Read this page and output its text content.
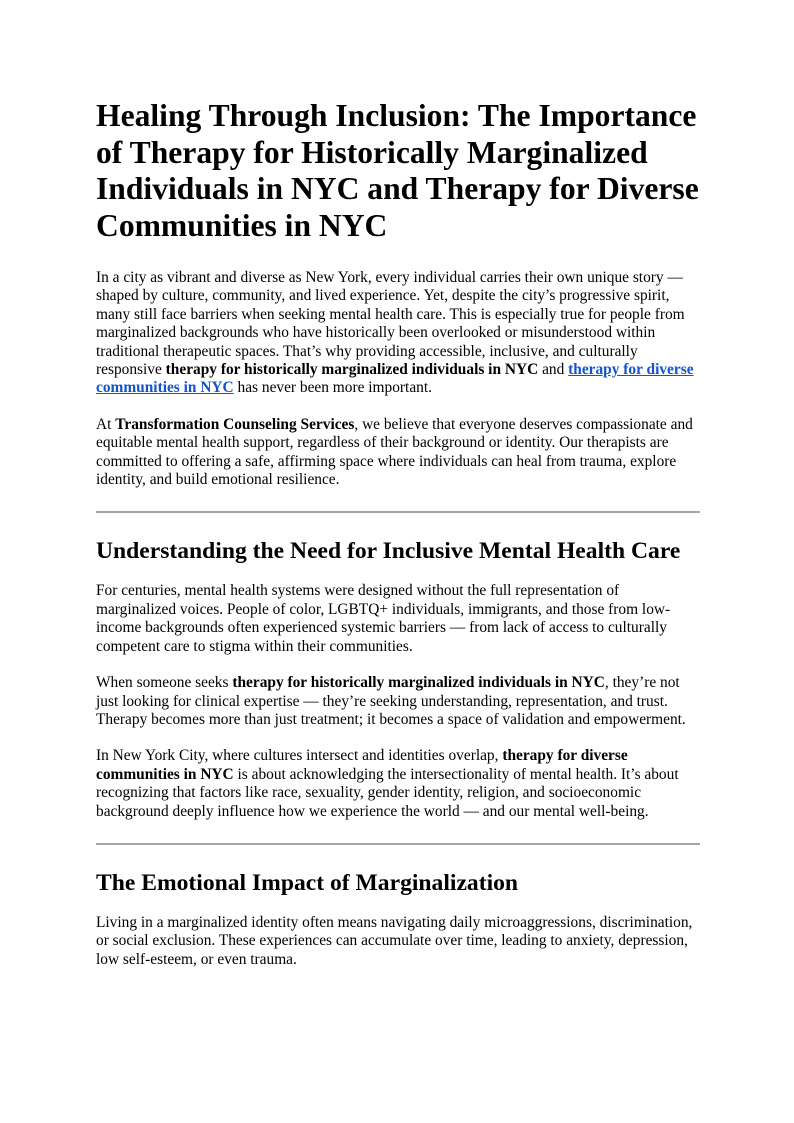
Healing Through Inclusion: The Importance of Therapy for Historically Marginalized Individuals in NYC and Therapy for Diverse Communities in NYC

In a city as vibrant and diverse as New York, every individual carries their own unique story — shaped by culture, community, and lived experience. Yet, despite the city’s progressive spirit, many still face barriers when seeking mental health care. This is especially true for people from marginalized backgrounds who have historically been overlooked or misunderstood within traditional therapeutic spaces. That’s why providing accessible, inclusive, and culturally responsive therapy for historically marginalized individuals in NYC and therapy for diverse communities in NYC has never been more important.

At Transformation Counseling Services, we believe that everyone deserves compassionate and equitable mental health support, regardless of their background or identity. Our therapists are committed to offering a safe, affirming space where individuals can heal from trauma, explore identity, and build emotional resilience.

Understanding the Need for Inclusive Mental Health Care

For centuries, mental health systems were designed without the full representation of marginalized voices. People of color, LGBTQ+ individuals, immigrants, and those from low-income backgrounds often experienced systemic barriers — from lack of access to culturally competent care to stigma within their communities.

When someone seeks therapy for historically marginalized individuals in NYC, they’re not just looking for clinical expertise — they’re seeking understanding, representation, and trust. Therapy becomes more than just treatment; it becomes a space of validation and empowerment.

In New York City, where cultures intersect and identities overlap, therapy for diverse communities in NYC is about acknowledging the intersectionality of mental health. It’s about recognizing that factors like race, sexuality, gender identity, religion, and socioeconomic background deeply influence how we experience the world — and our mental well-being.

The Emotional Impact of Marginalization

Living in a marginalized identity often means navigating daily microaggressions, discrimination, or social exclusion. These experiences can accumulate over time, leading to anxiety, depression, low self-esteem, or even trauma.
